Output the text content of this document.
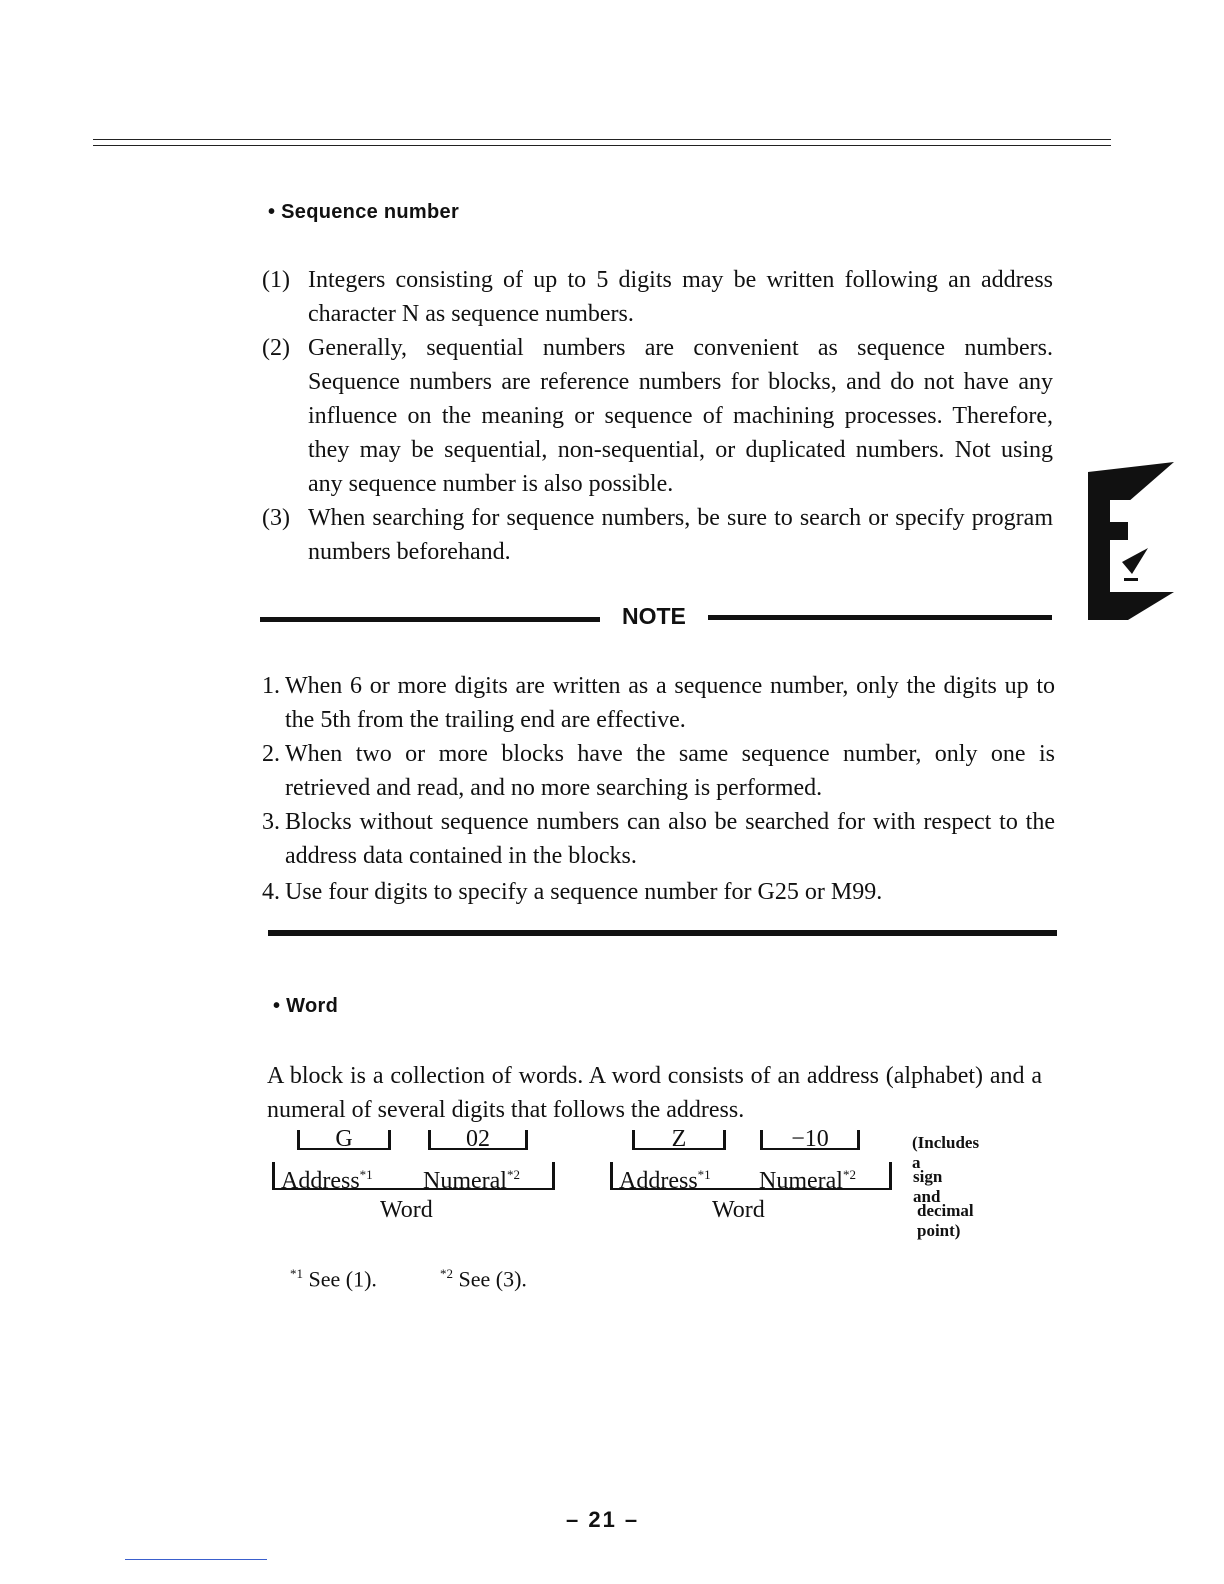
• Sequence number
(1) Integers consisting of up to 5 digits may be written following an address character N as sequence numbers.
(2) Generally, sequential numbers are convenient as sequence numbers. Sequence numbers are reference numbers for blocks, and do not have any influence on the meaning or sequence of machining processes. Therefore, they may be sequential, non-sequential, or duplicated numbers. Not using any sequence number is also possible.
(3) When searching for sequence numbers, be sure to search or specify program numbers beforehand.
NOTE
1. When 6 or more digits are written as a sequence number, only the digits up to the 5th from the trailing end are effective.
2. When two or more blocks have the same sequence number, only one is retrieved and read, and no more searching is performed.
3. Blocks without sequence numbers can also be searched for with respect to the address data contained in the blocks.
4. Use four digits to specify a sequence number for G25 or M99.
• Word
A block is a collection of words. A word consists of an address (alphabet) and a numeral of several digits that follows the address.
G	02
Address$^{*1}$ Numeral$^{*2}$
Word
Z	−10
Address$^{*1}$ Numeral$^{*2}$
Word
(Includes a
sign and
decimal point)
$^{*1}$ See (1).	$^{*2}$ See (3).
– 21 –
